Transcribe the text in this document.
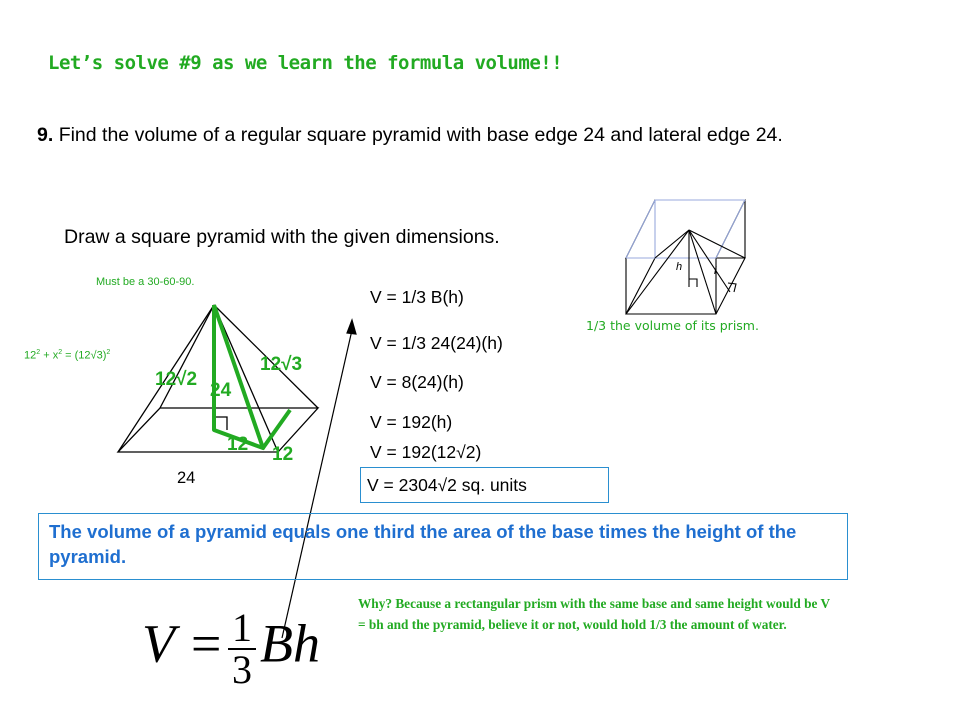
Let’s solve #9 as we learn the formula volume!!
9. Find the volume of a regular square pyramid with base edge 24 and lateral edge 24.
Draw a square pyramid with the given dimensions.
Must be a 30-60-90.
$12^2 + x^2 = (12√3)^2$
12√2
24
12√3
12 12
24
h	l
1/3 the volume of its prism.
V = 1/3 B(h)
V = 1/3 24(24)(h)
V = 8(24)(h)
V = 192(h)
V = 192(12√2)
V = 2304√2 sq. units
The volume of a pyramid equals one third the area of the base times the height of the pyramid.
Why? Because a rectangular prism with the same base and same height would be V = bh and the pyramid, believe it or not, would hold 1/3 the amount of water.
$V = \frac{1}{3}$ Bh
